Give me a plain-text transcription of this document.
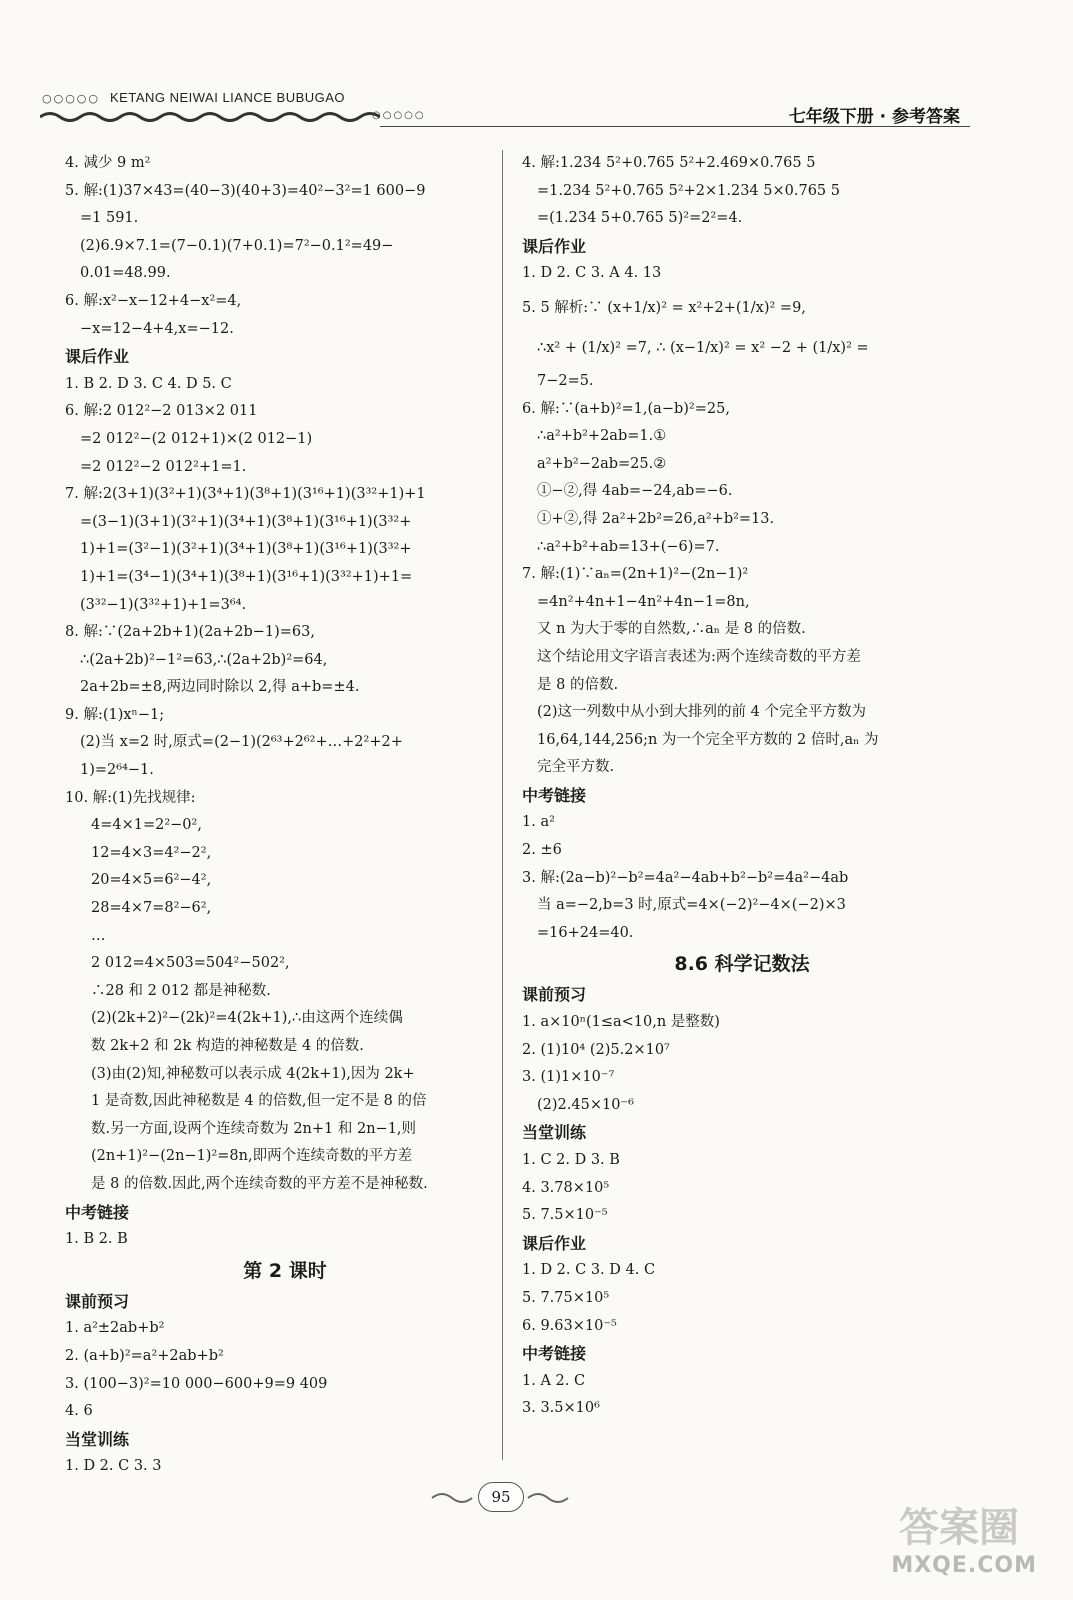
○○○○○ KETANG NEIWAI LIANCE BUBUGAO
○○○○○	七年级下册 · 参考答案
4. 减少 9 m²
5. 解:(1)37×43=(40−3)(40+3)=40²−3²=1 600−9
=1 591.
(2)6.9×7.1=(7−0.1)(7+0.1)=7²−0.1²=49−
0.01=48.99.
6. 解:x²−x−12+4−x²=4,
−x=12−4+4,x=−12.
课后作业
1. B 2. D 3. C 4. D 5. C
6. 解:2 012²−2 013×2 011
=2 012²−(2 012+1)×(2 012−1)
=2 012²−2 012²+1=1.
7. 解:2(3+1)(3²+1)(3⁴+1)(3⁸+1)(3¹⁶+1)(3³²+1)+1
=(3−1)(3+1)(3²+1)(3⁴+1)(3⁸+1)(3¹⁶+1)(3³²+
1)+1=(3²−1)(3²+1)(3⁴+1)(3⁸+1)(3¹⁶+1)(3³²+
1)+1=(3⁴−1)(3⁴+1)(3⁸+1)(3¹⁶+1)(3³²+1)+1=
(3³²−1)(3³²+1)+1=3⁶⁴.
8. 解:∵(2a+2b+1)(2a+2b−1)=63,
∴(2a+2b)²−1²=63,∴(2a+2b)²=64,
2a+2b=±8,两边同时除以 2,得 a+b=±4.
9. 解:(1)xⁿ−1;
(2)当 x=2 时,原式=(2−1)(2⁶³+2⁶²+…+2²+2+
1)=2⁶⁴−1.
10. 解:(1)先找规律:
4=4×1=2²−0²,
12=4×3=4²−2²,
20=4×5=6²−4²,
28=4×7=8²−6²,
…
2 012=4×503=504²−502²,
∴28 和 2 012 都是神秘数.
(2)(2k+2)²−(2k)²=4(2k+1),∴由这两个连续偶
数 2k+2 和 2k 构造的神秘数是 4 的倍数.
(3)由(2)知,神秘数可以表示成 4(2k+1),因为 2k+
1 是奇数,因此神秘数是 4 的倍数,但一定不是 8 的倍
数.另一方面,设两个连续奇数为 2n+1 和 2n−1,则
(2n+1)²−(2n−1)²=8n,即两个连续奇数的平方差
是 8 的倍数.因此,两个连续奇数的平方差不是神秘数.
中考链接
1. B 2. B
第 2 课时
课前预习
1. a²±2ab+b²
2. (a+b)²=a²+2ab+b²
3. (100−3)²=10 000−600+9=9 409
4. 6
当堂训练
1. D 2. C 3. 3
4. 解:1.234 5²+0.765 5²+2.469×0.765 5
=1.234 5²+0.765 5²+2×1.234 5×0.765 5
=(1.234 5+0.765 5)²=2²=4.
课后作业
1. D 2. C 3. A 4. 13
5. 5 解析:∵ (x+1/x)² = x²+2+(1/x)² =9,
∴x² + (1/x)² =7, ∴ (x−1/x)² = x² −2 + (1/x)² =
7−2=5.
6. 解:∵(a+b)²=1,(a−b)²=25,
∴a²+b²+2ab=1.①
a²+b²−2ab=25.②
①−②,得 4ab=−24,ab=−6.
①+②,得 2a²+2b²=26,a²+b²=13.
∴a²+b²+ab=13+(−6)=7.
7. 解:(1)∵aₙ=(2n+1)²−(2n−1)²
=4n²+4n+1−4n²+4n−1=8n,
又 n 为大于零的自然数,∴aₙ 是 8 的倍数.
这个结论用文字语言表述为:两个连续奇数的平方差
是 8 的倍数.
(2)这一列数中从小到大排列的前 4 个完全平方数为
16,64,144,256;n 为一个完全平方数的 2 倍时,aₙ 为
完全平方数.
中考链接
1. a²
2. ±6
3. 解:(2a−b)²−b²=4a²−4ab+b²−b²=4a²−4ab
当 a=−2,b=3 时,原式=4×(−2)²−4×(−2)×3
=16+24=40.
8.6 科学记数法
课前预习
1. a×10ⁿ(1≤a<10,n 是整数)
2. (1)10⁴ (2)5.2×10⁷
3. (1)1×10⁻⁷
(2)2.45×10⁻⁶
当堂训练
1. C 2. D 3. B
4. 3.78×10⁵
5. 7.5×10⁻⁵
课后作业
1. D 2. C 3. D 4. C
5. 7.75×10⁵
6. 9.63×10⁻⁵
中考链接
1. A 2. C
3. 3.5×10⁶
95
答案圈
MXQE.COM
